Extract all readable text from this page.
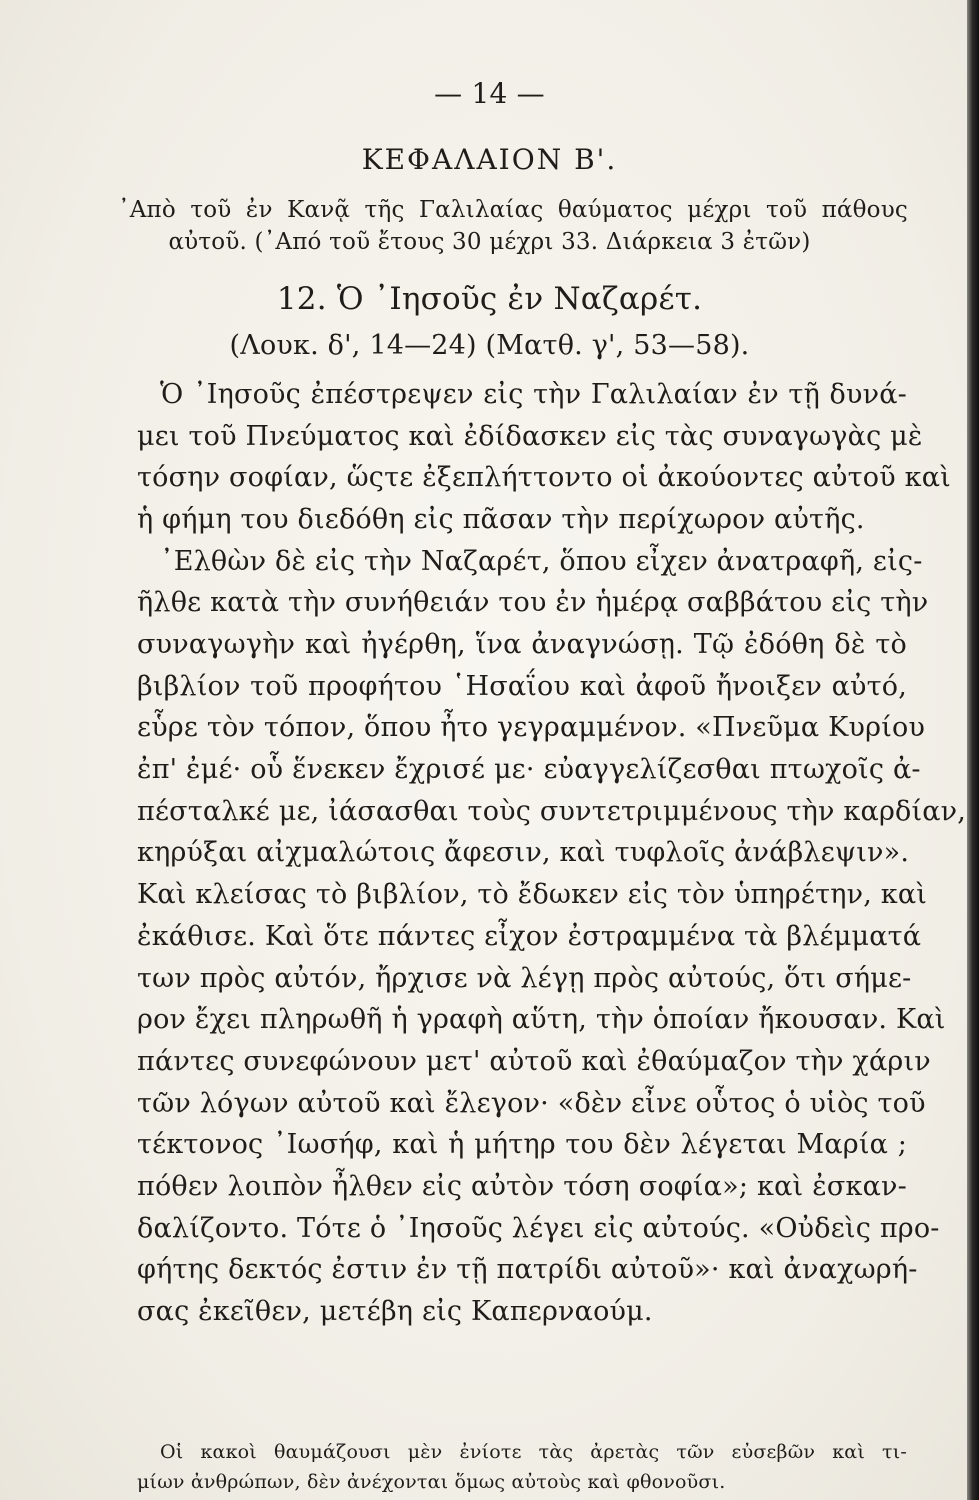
— 14 —
ΚΕΦΑΛΑΙΟΝ Β'.
᾿Απὸ τοῦ ἐν Κανᾷ τῆς Γαλιλαίας θαύματος μέχρι τοῦ πάθους
αὐτοῦ. (᾿Από τοῦ ἔτους 30 μέχρι 33. Διάρκεια 3 ἐτῶν)
12. Ὁ ᾿Ιησοῦς ἐν Ναζαρέτ.
(Λουκ. δ', 14—24) (Ματθ. γ', 53—58).
Ὁ ᾿Ιησοῦς ἐπέστρεψεν εἰς τὴν Γαλιλαίαν ἐν τῇ δυνά-
μει τοῦ Πνεύματος καὶ ἐδίδασκεν εἰς τὰς συναγωγὰς μὲ
τόσην σοφίαν, ὥςτε ἐξεπλήττοντο οἱ ἀκούοντες αὐτοῦ καὶ
ἡ φήμη του διεδόθη εἰς πᾶσαν τὴν περίχωρον αὐτῆς.
᾿Ελθὼν δὲ εἰς τὴν Ναζαρέτ, ὅπου εἶχεν ἀνατραφῆ, εἰς-
ῆλθε κατὰ τὴν συνήθειάν του ἐν ἡμέρᾳ σαββάτου εἰς τὴν
συναγωγὴν καὶ ἠγέρθη, ἵνα ἀναγνώσῃ. Τῷ ἐδόθη δὲ τὸ
βιβλίον τοῦ προφήτου ῾Ησαΐου καὶ ἀφοῦ ἤνοιξεν αὐτό,
εὗρε τὸν τόπον, ὅπου ἦτο γεγραμμένον. «Πνεῦμα Κυρίου
ἐπ' ἐμέ· οὗ ἕνεκεν ἔχρισέ με· εὐαγγελίζεσθαι πτωχοῖς ἀ-
πέσταλκέ με, ἰάσασθαι τοὺς συντετριμμένους τὴν καρδίαν,
κηρύξαι αἰχμαλώτοις ἄφεσιν, καὶ τυφλοῖς ἀνάβλεψιν».
Καὶ κλείσας τὸ βιβλίον, τὸ ἔδωκεν εἰς τὸν ὑπηρέτην, καὶ
ἐκάθισε. Καὶ ὅτε πάντες εἶχον ἐστραμμένα τὰ βλέμματά
των πρὸς αὐτόν, ἤρχισε νὰ λέγῃ πρὸς αὐτούς, ὅτι σήμε-
ρον ἔχει πληρωθῆ ἡ γραφὴ αὕτη, τὴν ὁποίαν ἤκουσαν. Καὶ
πάντες συνεφώνουν μετ' αὐτοῦ καὶ ἐθαύμαζον τὴν χάριν
τῶν λόγων αὐτοῦ καὶ ἔλεγον· «δὲν εἶνε οὗτος ὁ υἱὸς τοῦ
τέκτονος ᾿Ιωσήφ, καὶ ἡ μήτηρ του δὲν λέγεται Μαρία ;
πόθεν λοιπὸν ἦλθεν εἰς αὐτὸν τόση σοφία»; καὶ ἐσκαν-
δαλίζοντο. Τότε ὁ ᾿Ιησοῦς λέγει εἰς αὐτούς. «Οὐδεὶς προ-
φήτης δεκτός ἐστιν ἐν τῇ πατρίδι αὐτοῦ»· καὶ ἀναχωρή-
σας ἐκεῖθεν, μετέβη εἰς Καπερναούμ.
Οἱ κακοὶ θαυμάζουσι μὲν ἐνίοτε τὰς ἀρετὰς τῶν εὐσεβῶν καὶ τι-
μίων ἀνθρώπων, δὲν ἀνέχονται ὅμως αὐτοὺς καὶ φθονοῦσι.
